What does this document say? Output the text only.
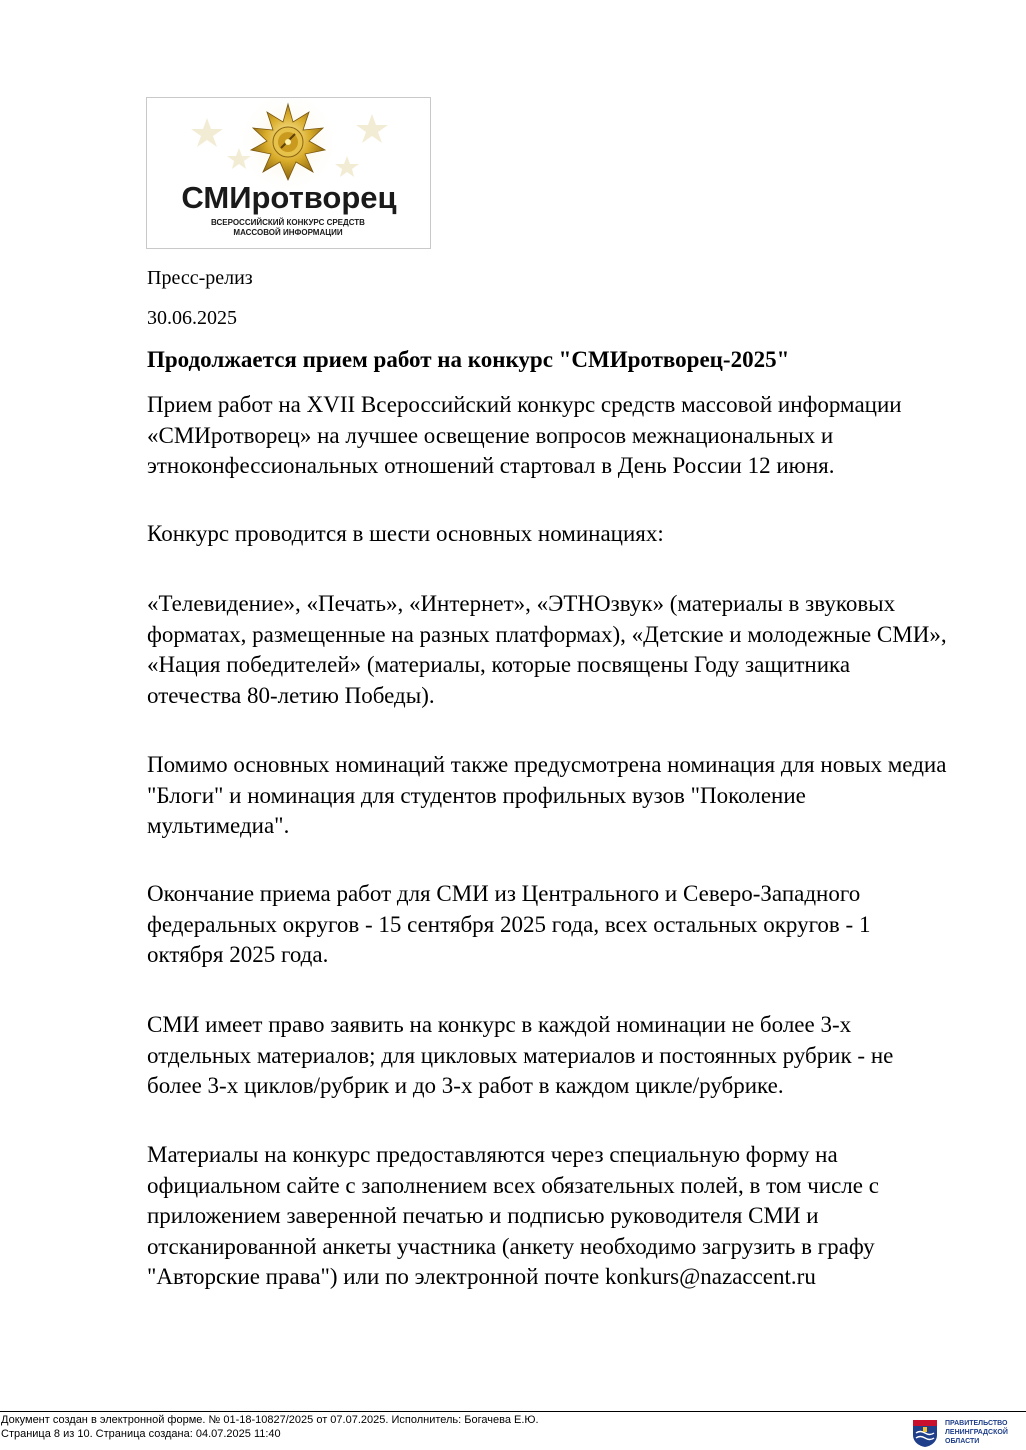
СМИротворец
ВСЕРОССИЙСКИЙ КОНКУРС СРЕДСТВ
МАССОВОЙ ИНФОРМАЦИИ

Пресс-релиз

30.06.2025

Продолжается прием работ на конкурс "СМИротворец-2025"

Прием работ на XVII Всероссийский конкурс средств массовой информации «СМИротворец» на лучшее освещение вопросов межнациональных и этноконфессиональных отношений стартовал в День России 12 июня.

Конкурс проводится в шести основных номинациях:

«Телевидение», «Печать», «Интернет», «ЭТНОзвук» (материалы в звуковых форматах, размещенные на разных платформах), «Детские и молодежные СМИ», «Нация победителей» (материалы, которые посвящены Году защитника отечества 80-летию Победы).

Помимо основных номинаций также предусмотрена номинация для новых медиа "Блоги" и номинация для студентов профильных вузов "Поколение мультимедиа".

Окончание приема работ для СМИ из Центрального и Северо-Западного федеральных округов - 15 сентября 2025 года, всех остальных округов - 1 октября 2025 года.

СМИ имеет право заявить на конкурс в каждой номинации не более 3-х отдельных материалов; для цикловых материалов и постоянных рубрик - не более 3-х циклов/рубрик и до 3-х работ в каждом цикле/рубрике.

Материалы на конкурс предоставляются через специальную форму на официальном сайте с заполнением всех обязательных полей, в том числе с приложением заверенной печатью и подписью руководителя СМИ и отсканированной анкеты участника (анкету необходимо загрузить в графу "Авторские права") или по электронной почте konkurs@nazaccent.ru

Документ создан в электронной форме. № 01-18-10827/2025 от 07.07.2025. Исполнитель: Богачева Е.Ю.

Страница 8 из 10. Страница создана: 04.07.2025 11:40

ПРАВИТЕЛЬСТВО
ЛЕНИНГРАДСКОЙ
ОБЛАСТИ
